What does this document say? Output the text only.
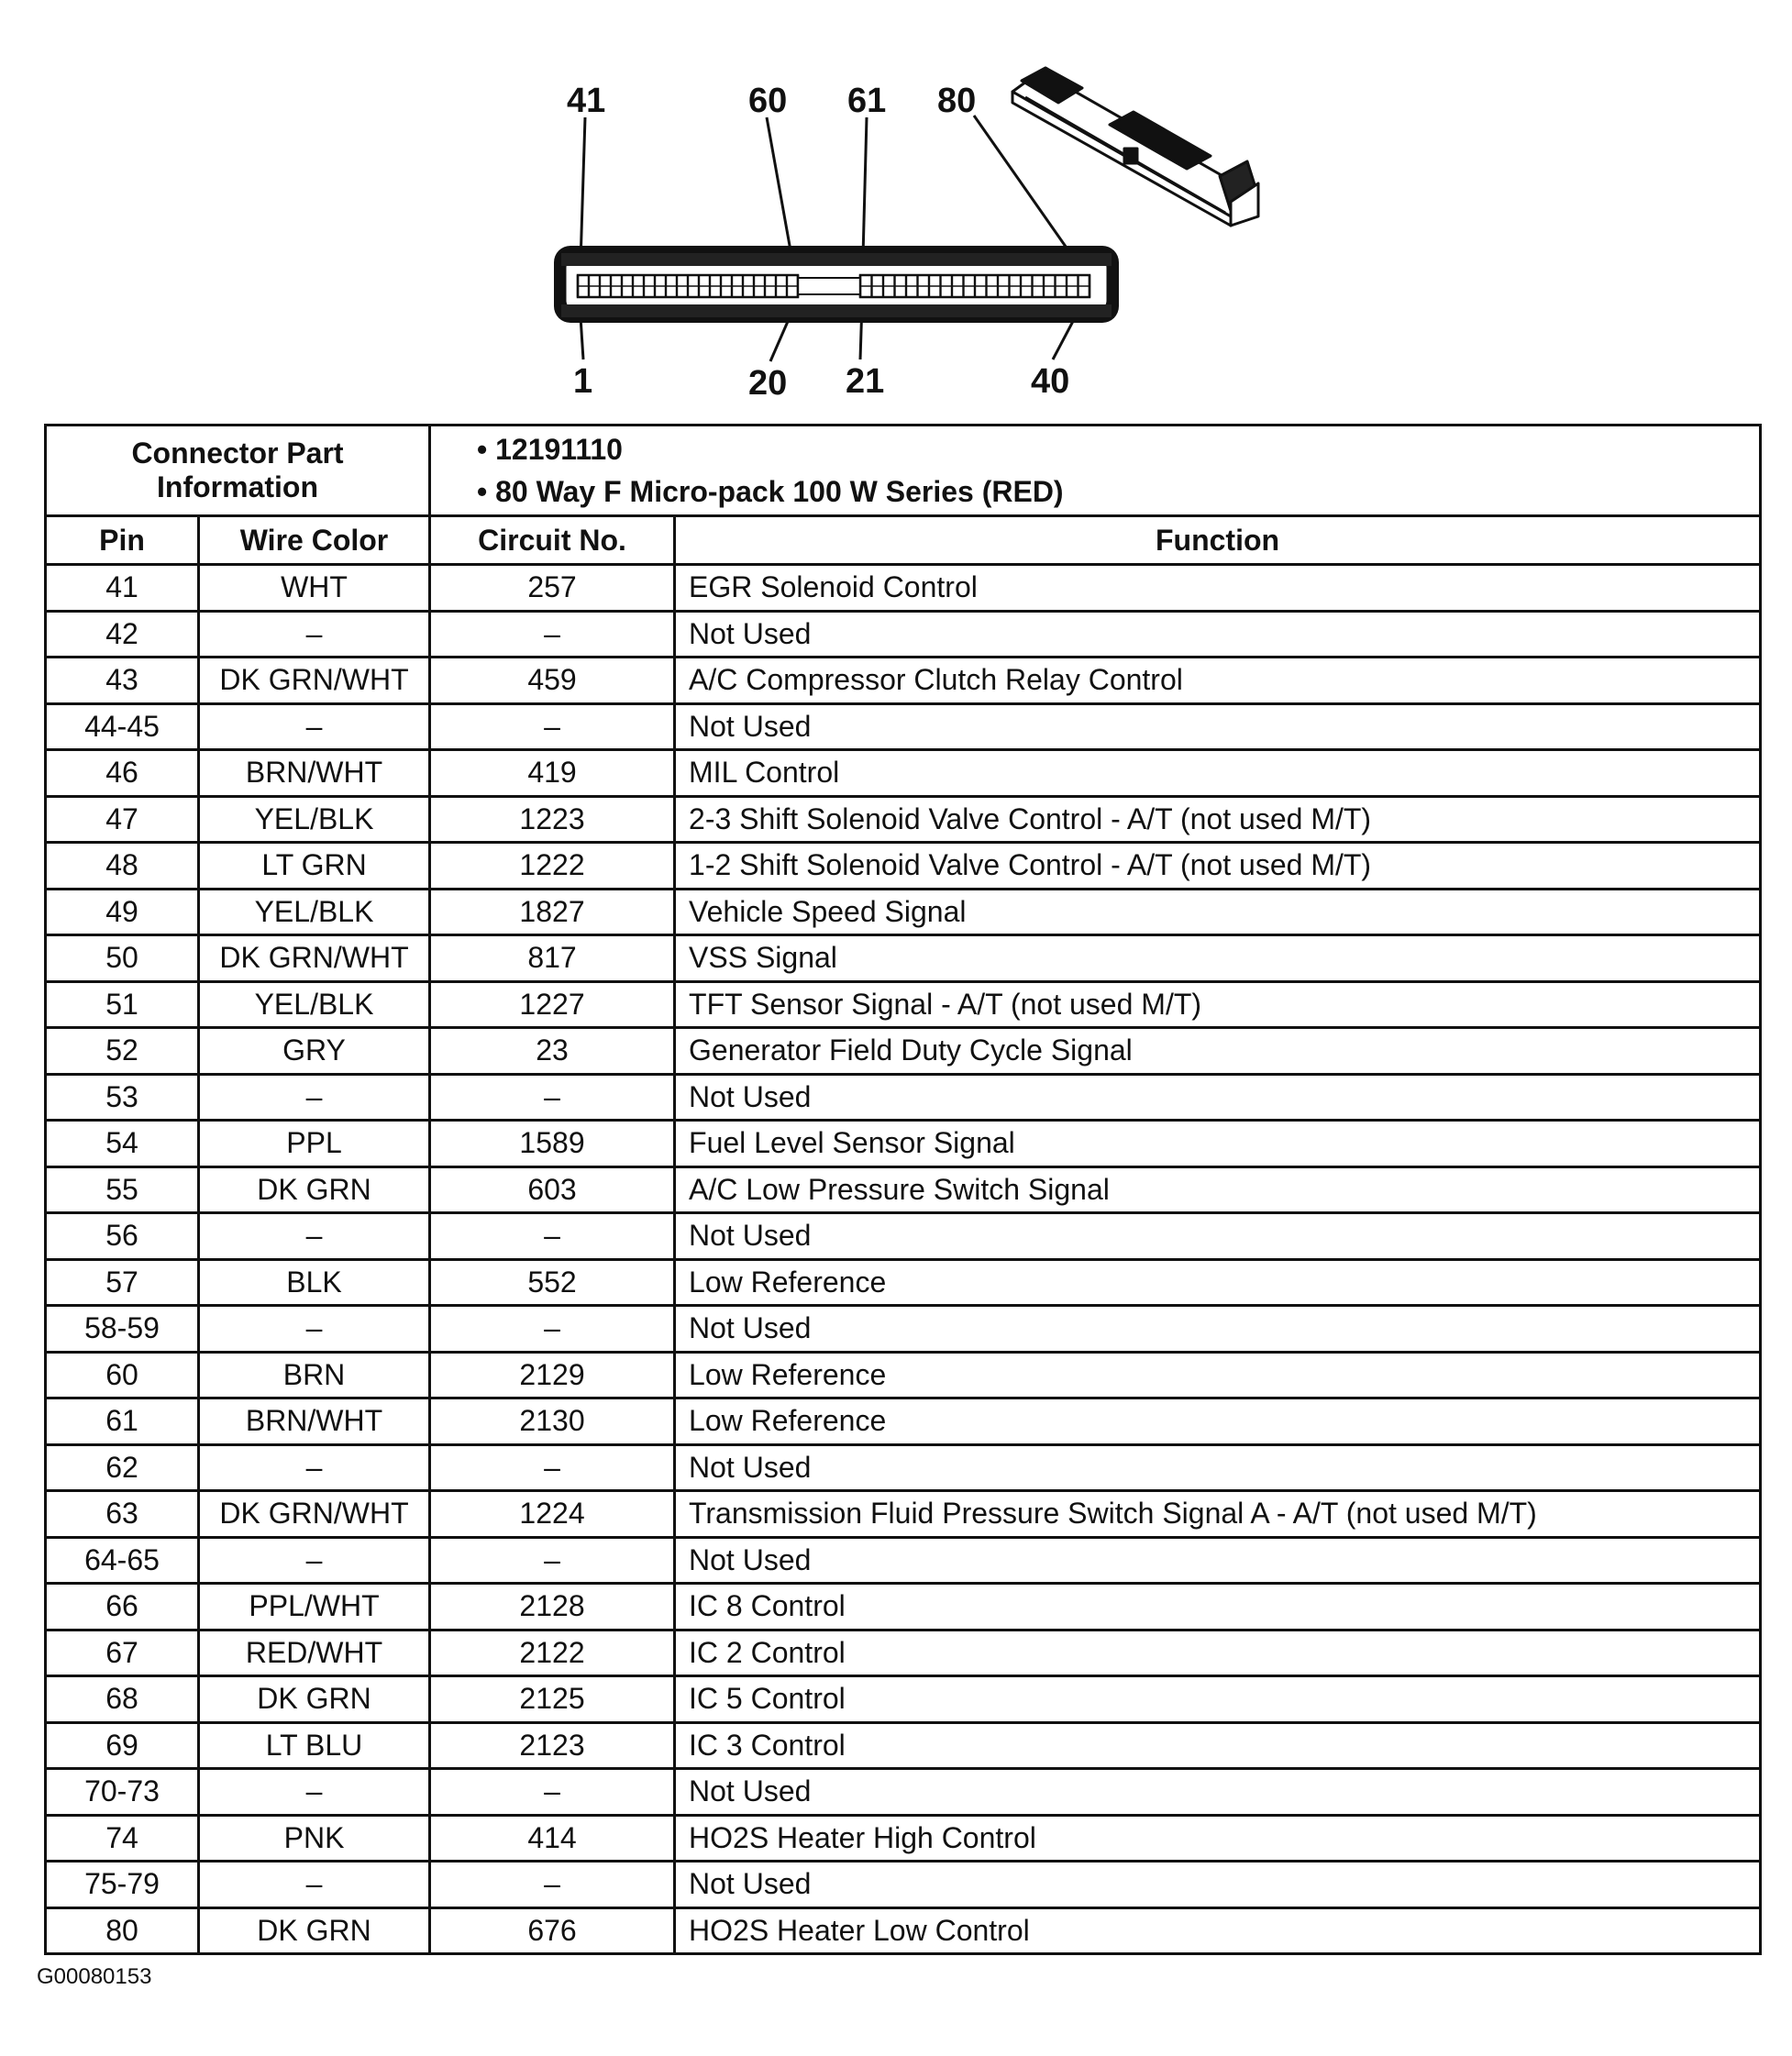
41	60 61 80
1	20 21	40
Connector Part Information		• 12191110
• 80 Way F Micro-pack 100 W Series (RED)	

Pin	Wire Color	Circuit No.	Function
41	WHT	257	EGR Solenoid Control
42	–	–	Not Used
43	DK GRN/WHT	459	A/C Compressor Clutch Relay Control
44-45	–	–	Not Used
46	BRN/WHT	419	MIL Control
47	YEL/BLK	1223	2-3 Shift Solenoid Valve Control - A/T (not used M/T)
48	LT GRN	1222	1-2 Shift Solenoid Valve Control - A/T (not used M/T)
49	YEL/BLK	1827	Vehicle Speed Signal
50	DK GRN/WHT	817	VSS Signal
51	YEL/BLK	1227	TFT Sensor Signal - A/T (not used M/T)
52	GRY	23	Generator Field Duty Cycle Signal
53	–	–	Not Used
54	PPL	1589	Fuel Level Sensor Signal
55	DK GRN	603	A/C Low Pressure Switch Signal
56	–	–	Not Used
57	BLK	552	Low Reference
58-59	–	–	Not Used
60	BRN	2129	Low Reference
61	BRN/WHT	2130	Low Reference
62	–	–	Not Used
63	DK GRN/WHT	1224	Transmission Fluid Pressure Switch Signal A - A/T (not used M/T)
64-65	–	–	Not Used
66	PPL/WHT	2128	IC 8 Control
67	RED/WHT	2122	IC 2 Control
68	DK GRN	2125	IC 5 Control
69	LT BLU	2123	IC 3 Control
70-73	–	–	Not Used
74	PNK	414	HO2S Heater High Control
75-79	–	–	Not Used
80	DK GRN	676	HO2S Heater Low Control
G00080153
